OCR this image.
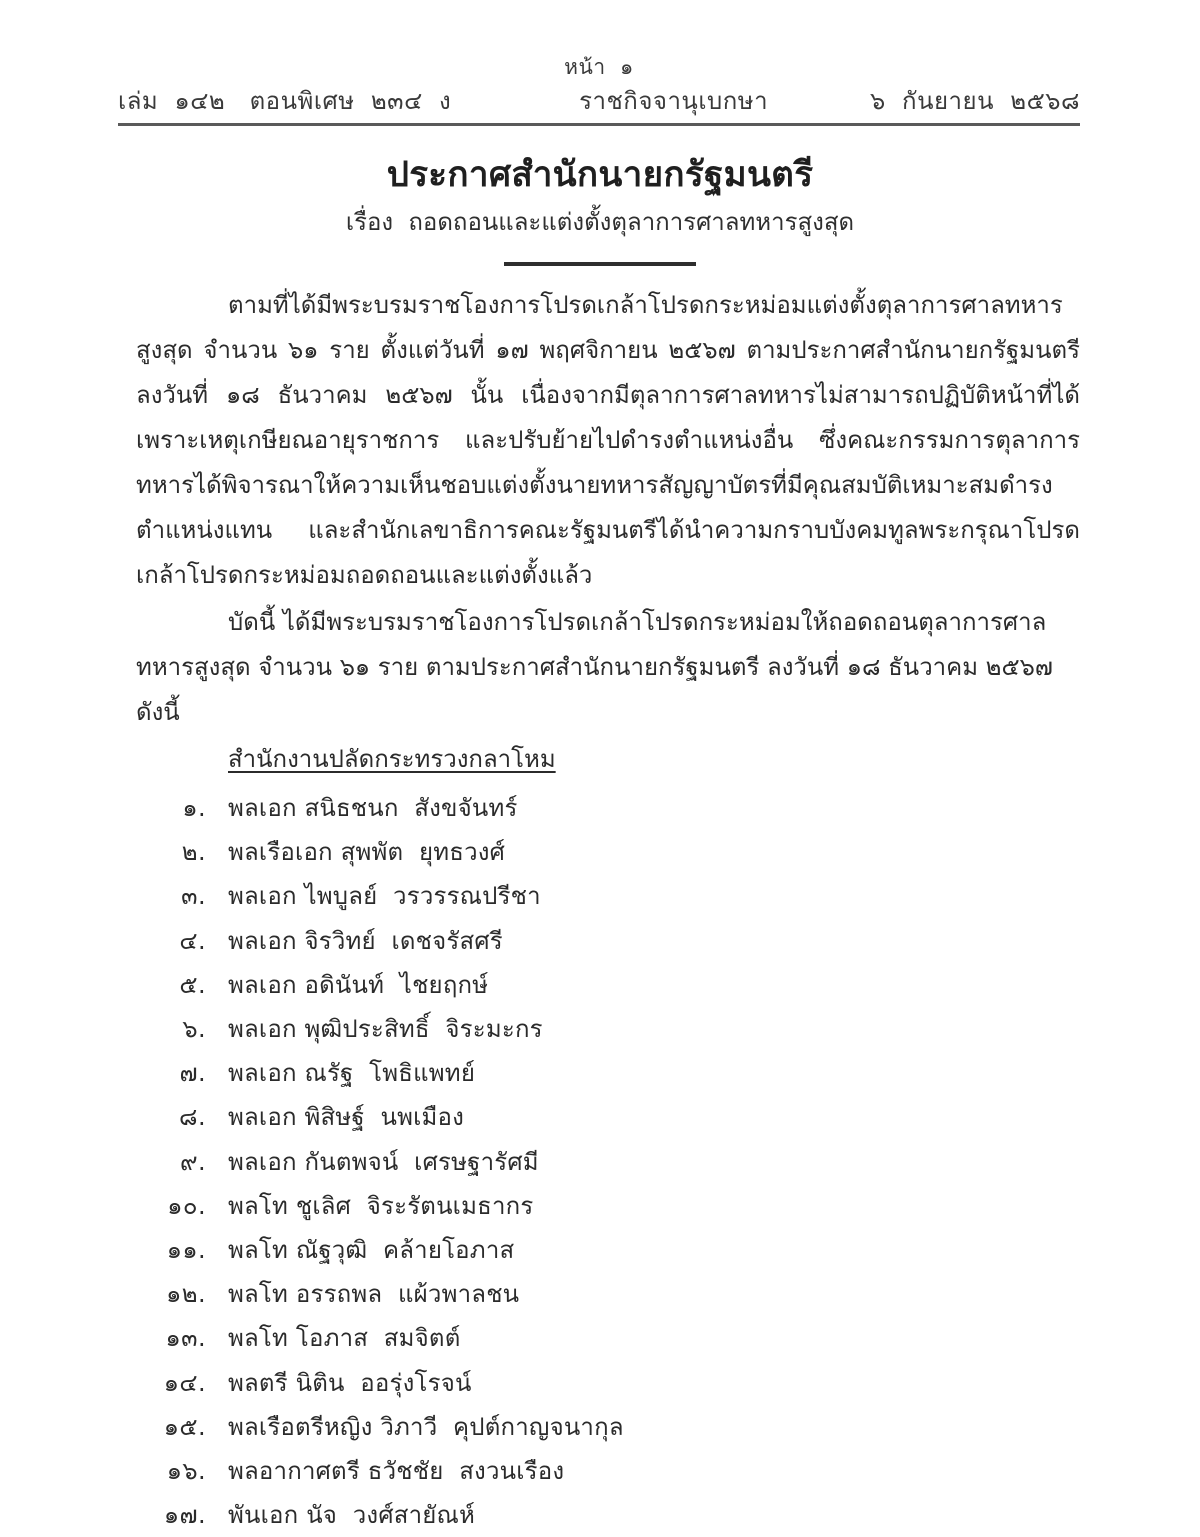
หน้า  ๑
เล่ม  ๑๔๒   ตอนพิเศษ  ๒๓๔  ง	ราชกิจจานุเบกษา	๖  กันยายน  ๒๕๖๘
ประกาศสำนักนายกรัฐมนตรี
เรื่อง  ถอดถอนและแต่งตั้งตุลาการศาลทหารสูงสุด

ตามที่ได้มีพระบรมราชโองการโปรดเกล้าโปรดกระหม่อมแต่งตั้งตุลาการศาลทหารสูงสุด จำนวน ๖๑ ราย ตั้งแต่วันที่ ๑๗ พฤศจิกายน ๒๕๖๗ ตามประกาศสำนักนายกรัฐมนตรี ลงวันที่ ๑๘ ธันวาคม ๒๕๖๗ นั้น เนื่องจากมีตุลาการศาลทหารไม่สามารถปฏิบัติหน้าที่ได้ เพราะเหตุเกษียณอายุราชการ และปรับย้ายไปดำรงตำแหน่งอื่น ซึ่งคณะกรรมการตุลาการทหารได้พิจารณาให้ความเห็นชอบแต่งตั้งนายทหารสัญญาบัตรที่มีคุณสมบัติเหมาะสมดำรงตำแหน่งแทน และสำนักเลขาธิการคณะรัฐมนตรีได้นำความกราบบังคมทูลพระกรุณาโปรดเกล้าโปรดกระหม่อมถอดถอนและแต่งตั้งแล้ว

บัดนี้ ได้มีพระบรมราชโองการโปรดเกล้าโปรดกระหม่อมให้ถอดถอนตุลาการศาลทหารสูงสุด จำนวน ๖๑ ราย ตามประกาศสำนักนายกรัฐมนตรี ลงวันที่ ๑๘ ธันวาคม ๒๕๖๗ ดังนี้

สำนักงานปลัดกระทรวงกลาโหม
๑. พลเอก สนิธชนก  สังขจันทร์
๒. พลเรือเอก สุพพัต  ยุทธวงศ์
๓. พลเอก ไพบูลย์  วรวรรณปรีชา
๔. พลเอก จิรวิทย์  เดชจรัสศรี
๕. พลเอก อดินันท์  ไชยฤกษ์
๖. พลเอก พุฒิประสิทธิ์  จิระมะกร
๗. พลเอก ณรัฐ  โพธิแพทย์
๘. พลเอก พิสิษฐ์  นพเมือง
๙. พลเอก กันตพจน์  เศรษฐารัศมี
๑๐. พลโท ชูเลิศ  จิระรัตนเมธากร
๑๑. พลโท ณัฐวุฒิ  คล้ายโอภาส
๑๒. พลโท อรรถพล  แผ้วพาลชน
๑๓. พลโท โอภาส  สมจิตต์
๑๔. พลตรี นิติน  ออรุ่งโรจน์
๑๕. พลเรือตรีหญิง วิภาวี  คุปต์กาญจนากุล
๑๖. พลอากาศตรี ธวัชชัย  สงวนเรือง
๑๗. พันเอก นัจ  วงศ์สายัณห์
